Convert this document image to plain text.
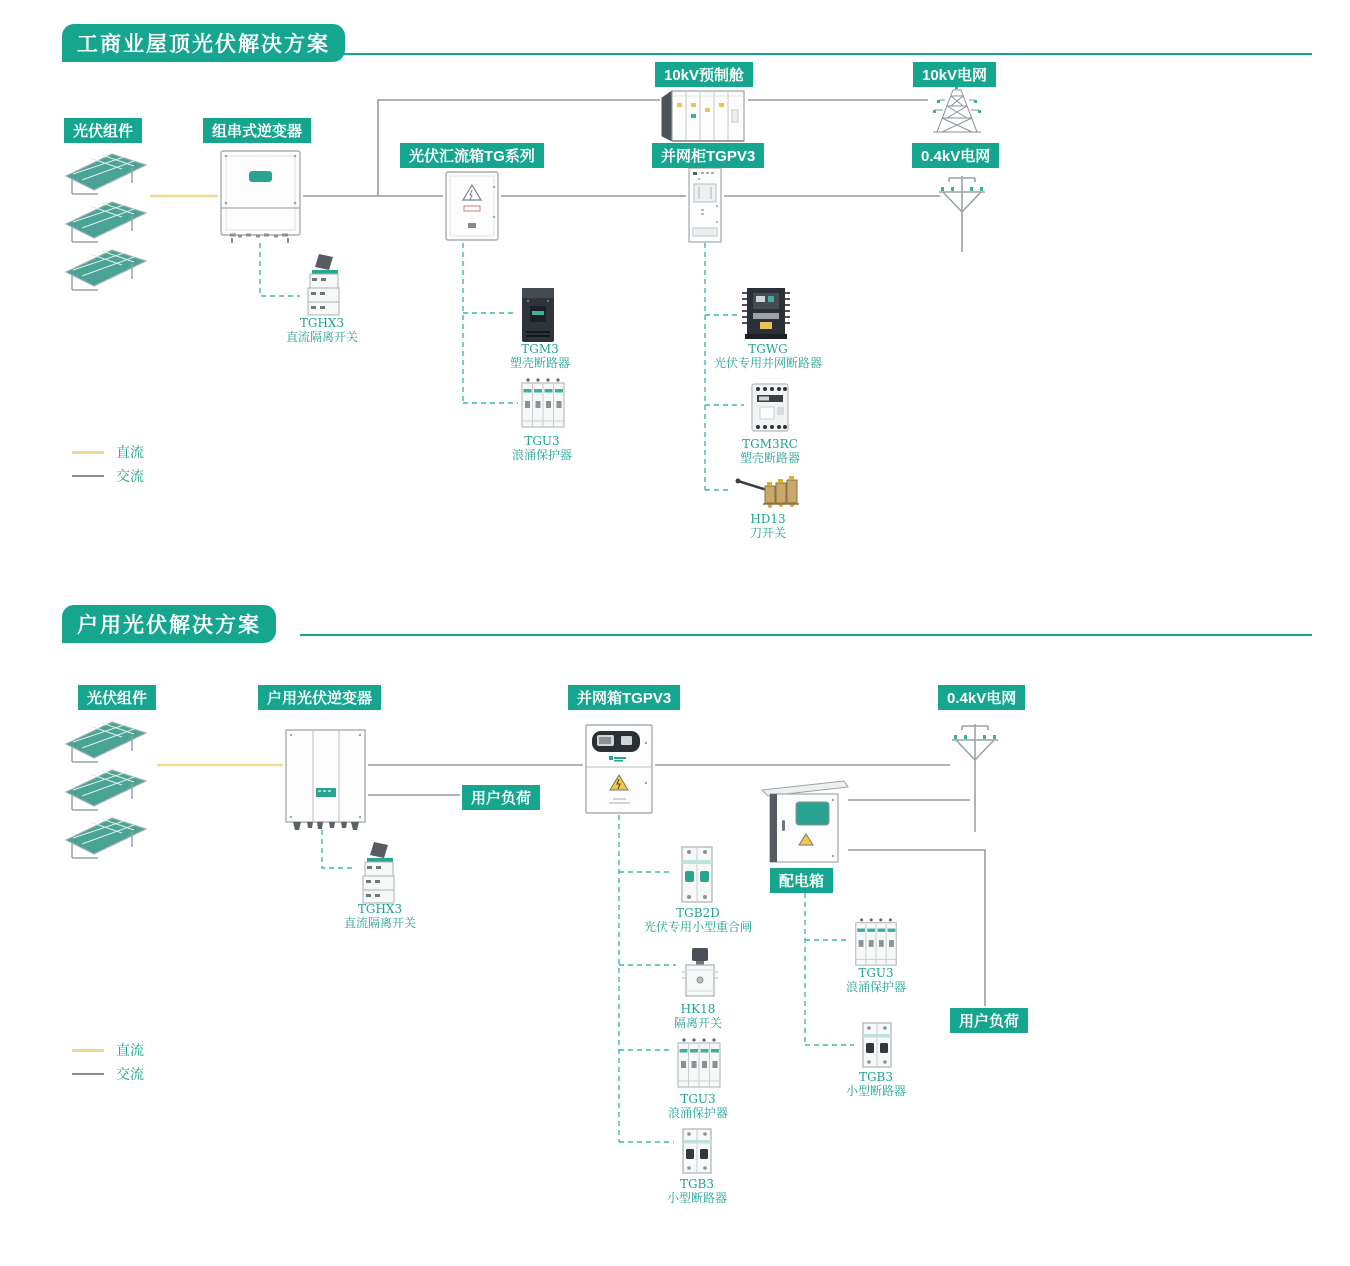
工商业屋顶光伏解决方案
户用光伏解决方案
光伏组件	组串式逆变器
光伏汇流箱TG系列	并网柜TGPV3
10kV预制舱	10kV电网
0.4kV电网
TGHX3
直流隔离开关
TGM3
塑壳断路器
TGU3
浪涌保护器
TGWG
光伏专用并网断路器
TGM3RC
塑壳断路器
HD13
刀开关
直流
交流
光伏组件	户用光伏逆变器	并网箱TGPV3	0.4kV电网
用户负荷
配电箱
用户负荷
TGHX3
直流隔离开关
TGB2D
光伏专用小型重合闸
HK18
隔离开关
TGU3
浪涌保护器
TGB3
小型断路器
TGU3
浪涌保护器
TGB3
小型断路器
直流
交流
